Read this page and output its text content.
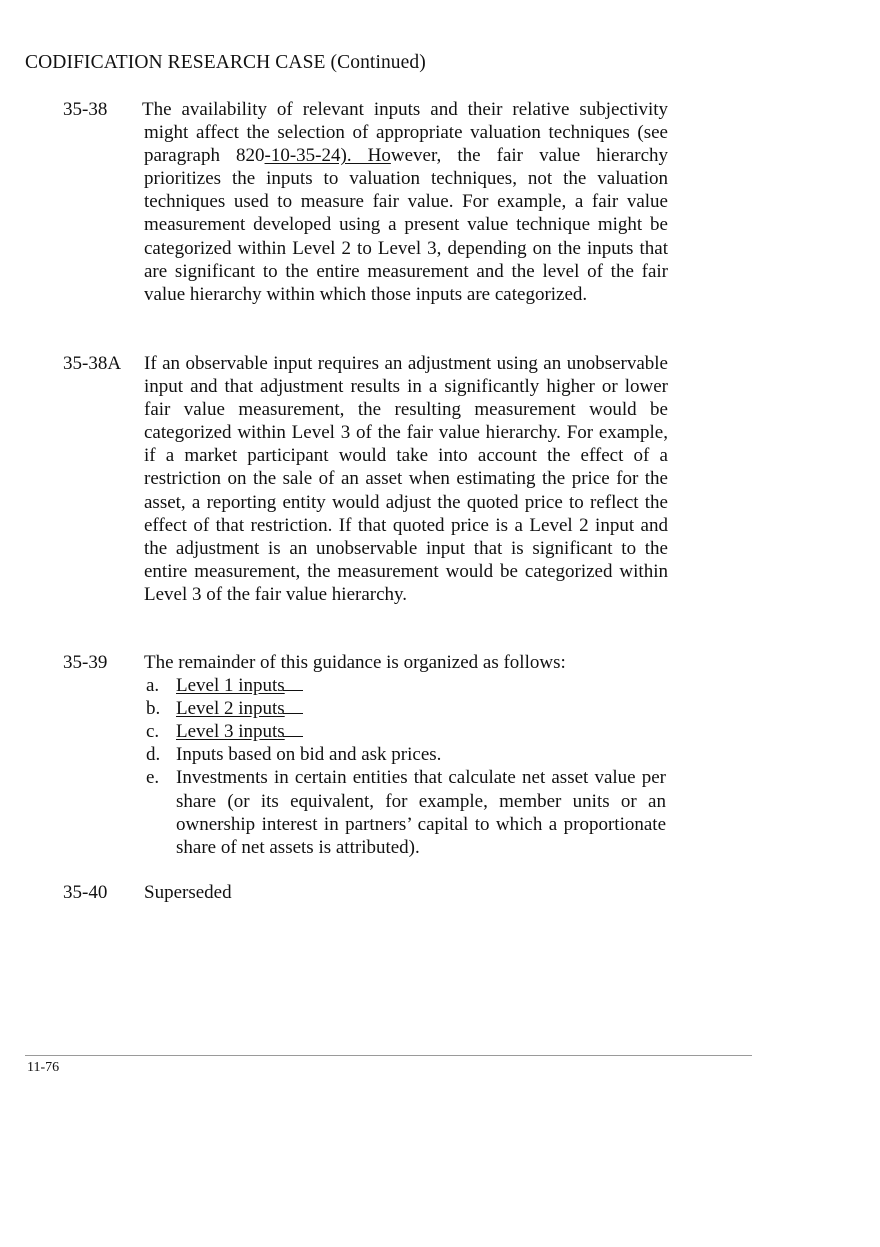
CODIFICATION RESEARCH CASE (Continued)
35-38 The availability of relevant inputs and their relative subjectivity might affect the selection of appropriate valuation techniques (see paragraph 820-10-35-24). However, the fair value hierarchy prioritizes the inputs to valuation techniques, not the valuation techniques used to measure fair value. For example, a fair value measurement developed using a present value technique might be categorized within Level 2 to Level 3, depending on the inputs that are significant to the entire measurement and the level of the fair value hierarchy within which those inputs are categorized.
35-38A If an observable input requires an adjustment using an unobservable input and that adjustment results in a significantly higher or lower fair value measurement, the resulting measurement would be categorized within Level 3 of the fair value hierarchy. For example, if a market participant would take into account the effect of a restriction on the sale of an asset when estimating the price for the asset, a reporting entity would adjust the quoted price to reflect the effect of that restriction. If that quoted price is a Level 2 input and the adjustment is an unobservable input that is significant to the entire measurement, the measurement would be categorized within Level 3 of the fair value hierarchy.
35-39 The remainder of this guidance is organized as follows:
a. Level 1 inputs
b. Level 2 inputs
c. Level 3 inputs
d. Inputs based on bid and ask prices.
e. Investments in certain entities that calculate net asset value per share (or its equivalent, for example, member units or an ownership interest in partners’ capital to which a proportionate share of net assets is attributed).
35-40 Superseded
11-76
